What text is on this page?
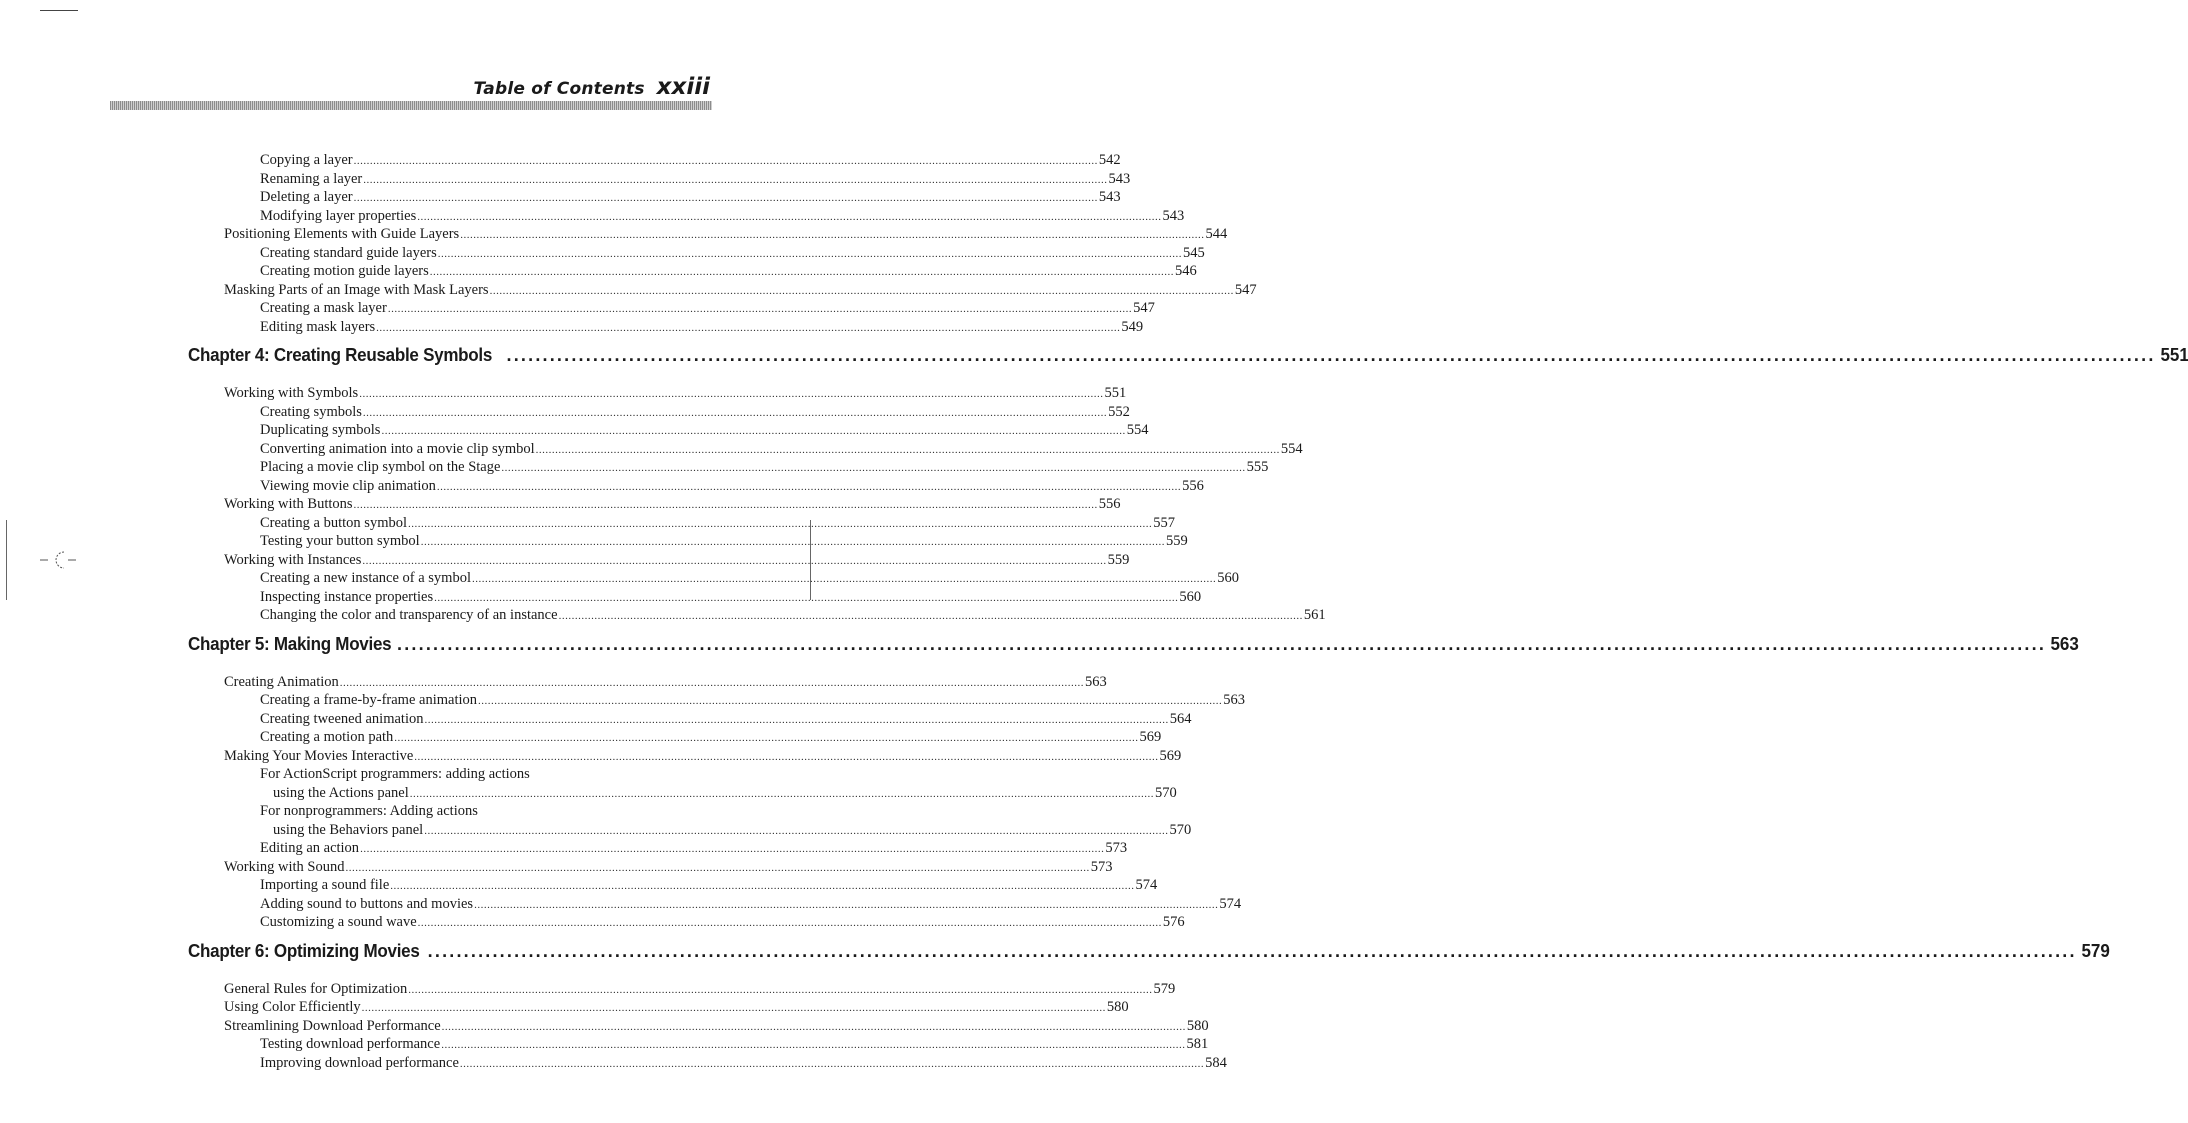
Table of Contents xxiii
Copying a layer ..................................................................................................................................................................................................................................... 542
Renaming a layer ..................................................................................................................................................................................................................................... 543
Deleting a layer ..................................................................................................................................................................................................................................... 543
Modifying layer properties ..................................................................................................................................................................................................................................... 543
Positioning Elements with Guide Layers ..................................................................................................................................................................................................................................... 544
Creating standard guide layers ..................................................................................................................................................................................................................................... 545
Creating motion guide layers ..................................................................................................................................................................................................................................... 546
Masking Parts of an Image with Mask Layers ..................................................................................................................................................................................................................................... 547
Creating a mask layer ..................................................................................................................................................................................................................................... 547
Editing mask layers ..................................................................................................................................................................................................................................... 549
Chapter 4: Creating Reusable Symbols ..................................................................................................................................................................................................................................... 551
Working with Symbols ..................................................................................................................................................................................................................................... 551
Creating symbols ..................................................................................................................................................................................................................................... 552
Duplicating symbols ..................................................................................................................................................................................................................................... 554
Converting animation into a movie clip symbol ..................................................................................................................................................................................................................................... 554
Placing a movie clip symbol on the Stage ..................................................................................................................................................................................................................................... 555
Viewing movie clip animation ..................................................................................................................................................................................................................................... 556
Working with Buttons ..................................................................................................................................................................................................................................... 556
Creating a button symbol ..................................................................................................................................................................................................................................... 557
Testing your button symbol ..................................................................................................................................................................................................................................... 559
Working with Instances ..................................................................................................................................................................................................................................... 559
Creating a new instance of a symbol ..................................................................................................................................................................................................................................... 560
Inspecting instance properties ..................................................................................................................................................................................................................................... 560
Changing the color and transparency of an instance ..................................................................................................................................................................................................................................... 561
Chapter 5: Making Movies ..................................................................................................................................................................................................................................... 563
Creating Animation ..................................................................................................................................................................................................................................... 563
Creating a frame-by-frame animation ..................................................................................................................................................................................................................................... 563
Creating tweened animation ..................................................................................................................................................................................................................................... 564
Creating a motion path ..................................................................................................................................................................................................................................... 569
Making Your Movies Interactive ..................................................................................................................................................................................................................................... 569
For ActionScript programmers: adding actions
using the Actions panel ..................................................................................................................................................................................................................................... 570
For nonprogrammers: Adding actions
using the Behaviors panel ..................................................................................................................................................................................................................................... 570
Editing an action ..................................................................................................................................................................................................................................... 573
Working with Sound ..................................................................................................................................................................................................................................... 573
Importing a sound file ..................................................................................................................................................................................................................................... 574
Adding sound to buttons and movies ..................................................................................................................................................................................................................................... 574
Customizing a sound wave ..................................................................................................................................................................................................................................... 576
Chapter 6: Optimizing Movies ..................................................................................................................................................................................................................................... 579
General Rules for Optimization ..................................................................................................................................................................................................................................... 579
Using Color Efficiently ..................................................................................................................................................................................................................................... 580
Streamlining Download Performance ..................................................................................................................................................................................................................................... 580
Testing download performance ..................................................................................................................................................................................................................................... 581
Improving download performance ..................................................................................................................................................................................................................................... 584
